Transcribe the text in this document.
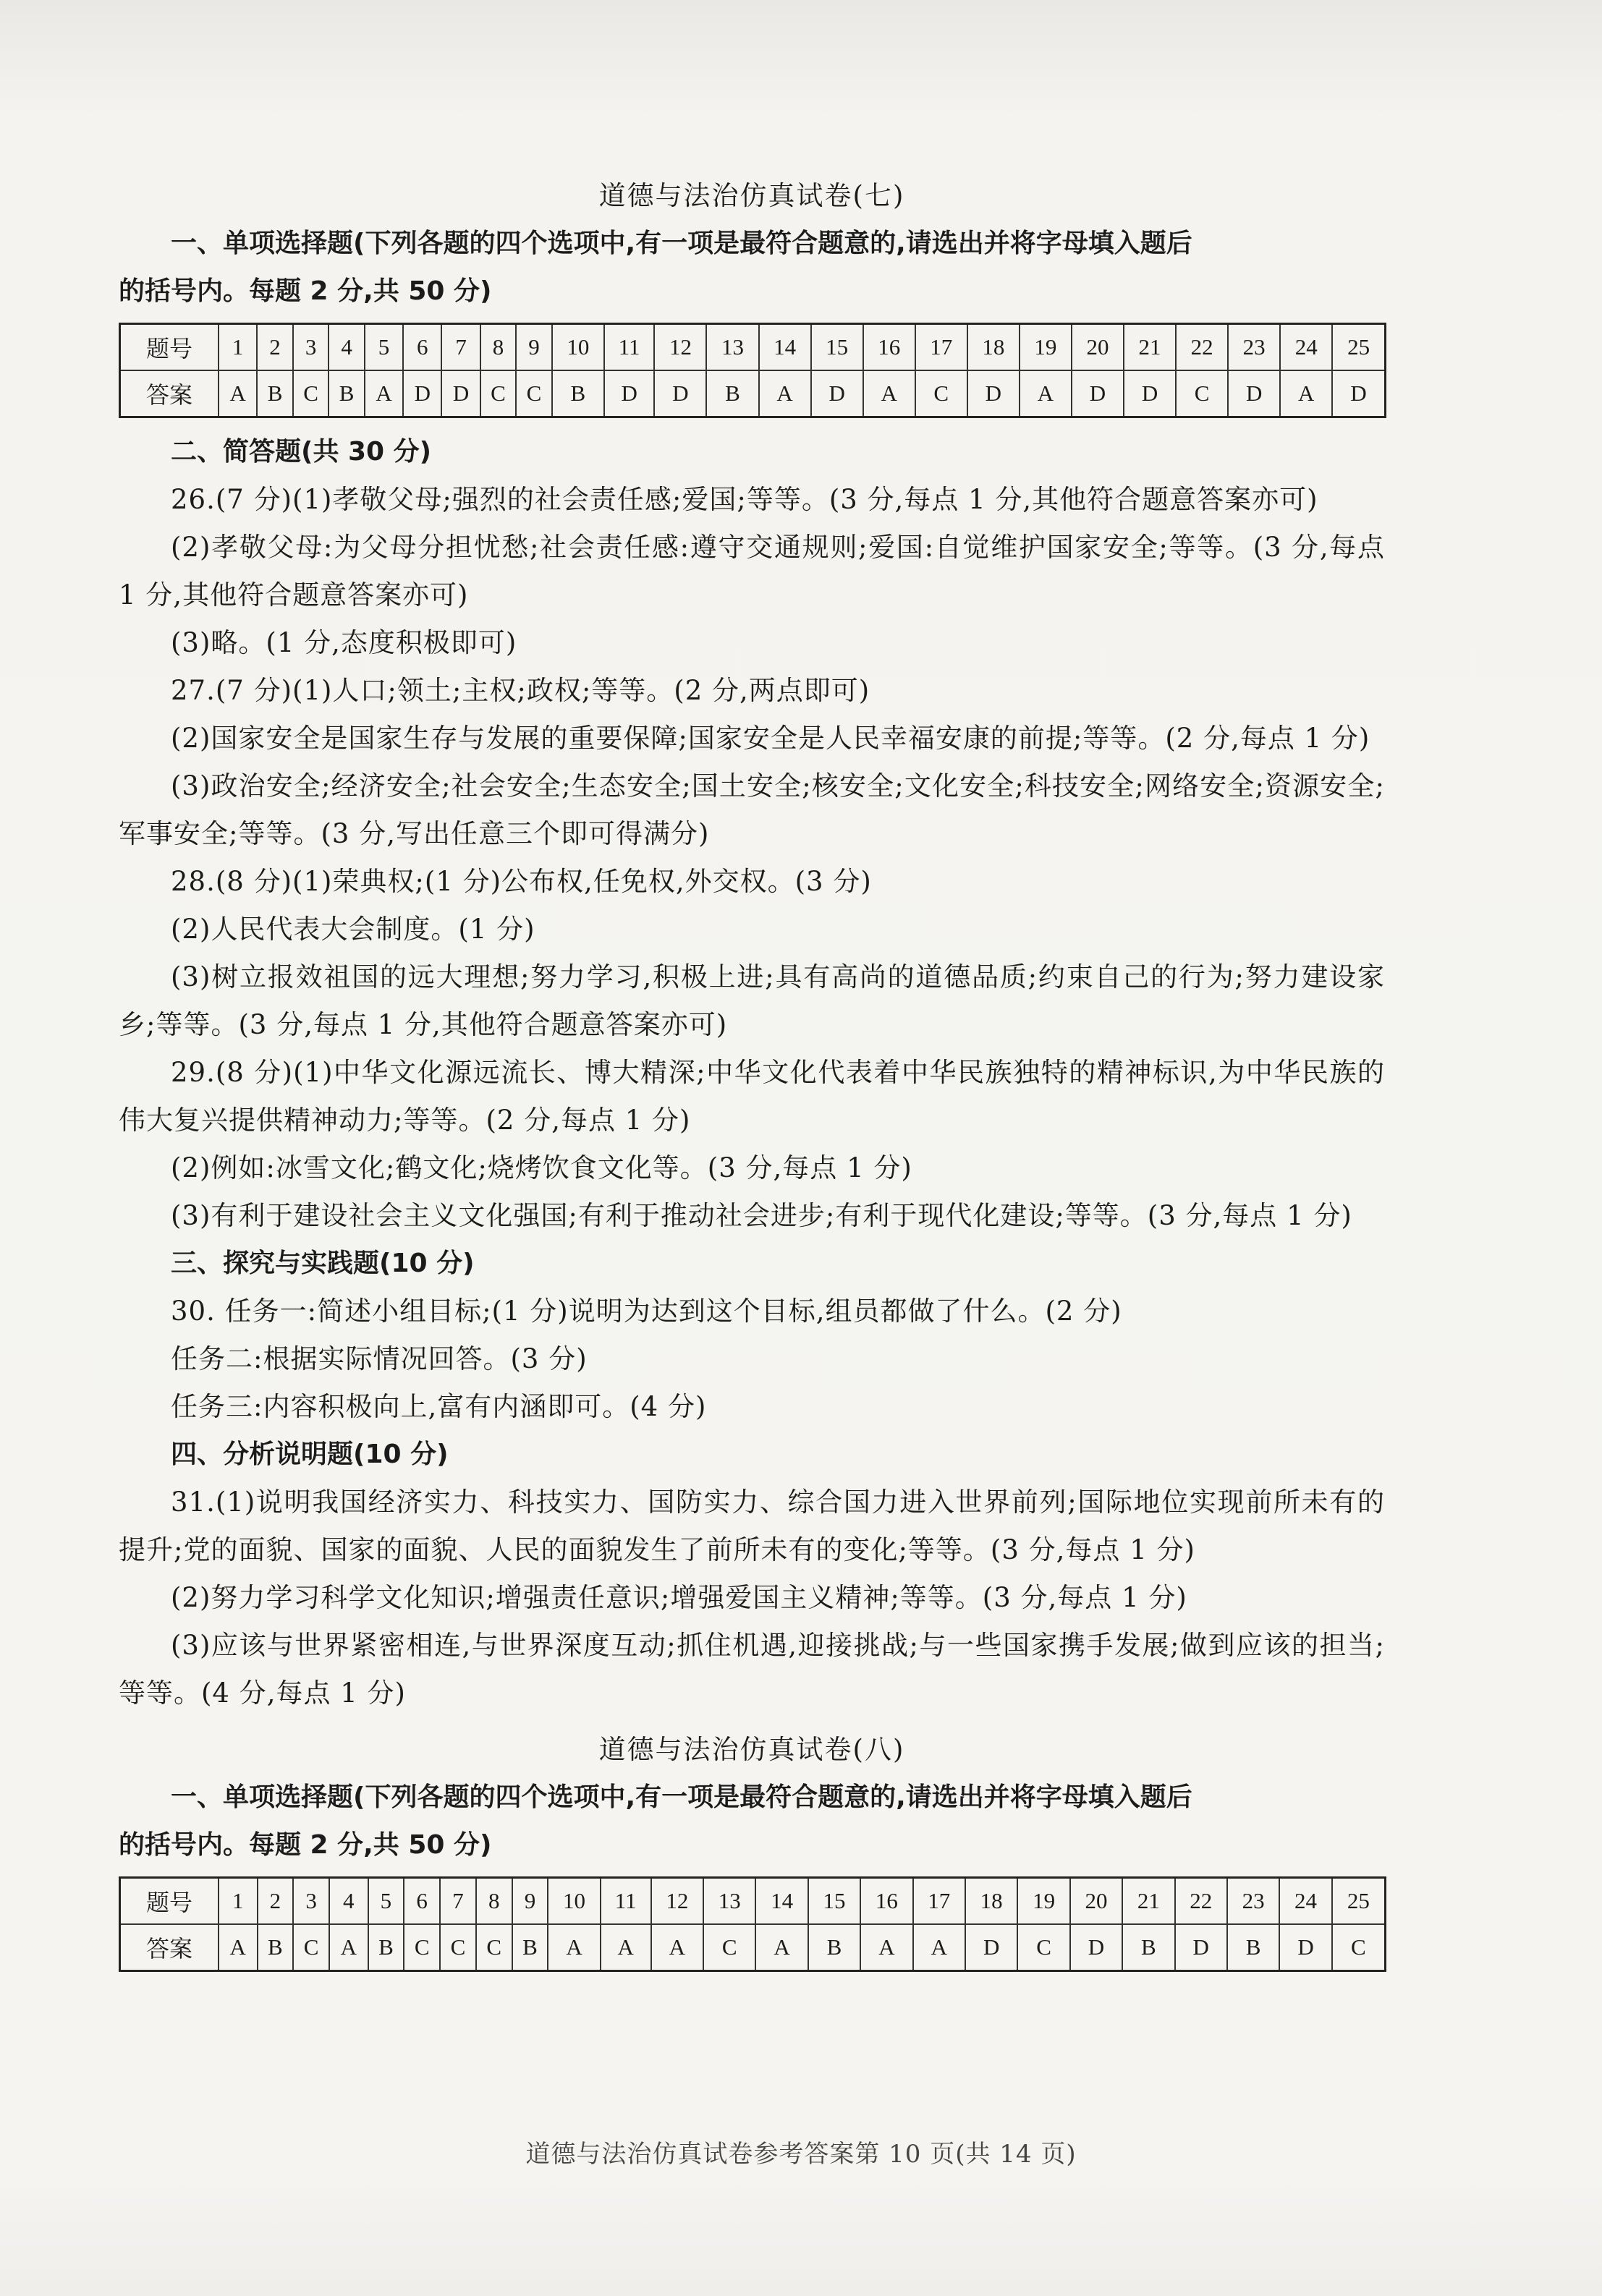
道德与法治仿真试卷(七)

一、单项选择题(下列各题的四个选项中,有一项是最符合题意的,请选出并将字母填入题后

的括号内。每题 2 分,共 50 分)

题号	1	2	3	4	5	6	7	8	9	10	11	12	13	14	15	16	17	18	19	20	21	22	23	24	25
答案	A	B	C	B	A	D	D	C	C	B	D	D	B	A	D	A	C	D	A	D	D	C	D	A	D

二、简答题(共 30 分)

26.(7 分)(1)孝敬父母;强烈的社会责任感;爱国;等等。(3 分,每点 1 分,其他符合题意答案亦可)

(2)孝敬父母:为父母分担忧愁;社会责任感:遵守交通规则;爱国:自觉维护国家安全;等等。(3 分,每点 1 分,其他符合题意答案亦可)

(3)略。(1 分,态度积极即可)

27.(7 分)(1)人口;领土;主权;政权;等等。(2 分,两点即可)

(2)国家安全是国家生存与发展的重要保障;国家安全是人民幸福安康的前提;等等。(2 分,每点 1 分)

(3)政治安全;经济安全;社会安全;生态安全;国土安全;核安全;文化安全;科技安全;网络安全;资源安全;军事安全;等等。(3 分,写出任意三个即可得满分)

28.(8 分)(1)荣典权;(1 分)公布权,任免权,外交权。(3 分)

(2)人民代表大会制度。(1 分)

(3)树立报效祖国的远大理想;努力学习,积极上进;具有高尚的道德品质;约束自己的行为;努力建设家乡;等等。(3 分,每点 1 分,其他符合题意答案亦可)

29.(8 分)(1)中华文化源远流长、博大精深;中华文化代表着中华民族独特的精神标识,为中华民族的伟大复兴提供精神动力;等等。(2 分,每点 1 分)

(2)例如:冰雪文化;鹤文化;烧烤饮食文化等。(3 分,每点 1 分)

(3)有利于建设社会主义文化强国;有利于推动社会进步;有利于现代化建设;等等。(3 分,每点 1 分)

三、探究与实践题(10 分)

30. 任务一:简述小组目标;(1 分)说明为达到这个目标,组员都做了什么。(2 分)

任务二:根据实际情况回答。(3 分)

任务三:内容积极向上,富有内涵即可。(4 分)

四、分析说明题(10 分)

31.(1)说明我国经济实力、科技实力、国防实力、综合国力进入世界前列;国际地位实现前所未有的提升;党的面貌、国家的面貌、人民的面貌发生了前所未有的变化;等等。(3 分,每点 1 分)

(2)努力学习科学文化知识;增强责任意识;增强爱国主义精神;等等。(3 分,每点 1 分)

(3)应该与世界紧密相连,与世界深度互动;抓住机遇,迎接挑战;与一些国家携手发展;做到应该的担当;等等。(4 分,每点 1 分)

道德与法治仿真试卷(八)

一、单项选择题(下列各题的四个选项中,有一项是最符合题意的,请选出并将字母填入题后

的括号内。每题 2 分,共 50 分)

题号	1	2	3	4	5	6	7	8	9	10	11	12	13	14	15	16	17	18	19	20	21	22	23	24	25
答案	A	B	C	A	B	C	C	C	B	A	A	A	C	A	B	A	A	D	C	D	B	D	B	D	C
道德与法治仿真试卷参考答案第 10 页(共 14 页)
